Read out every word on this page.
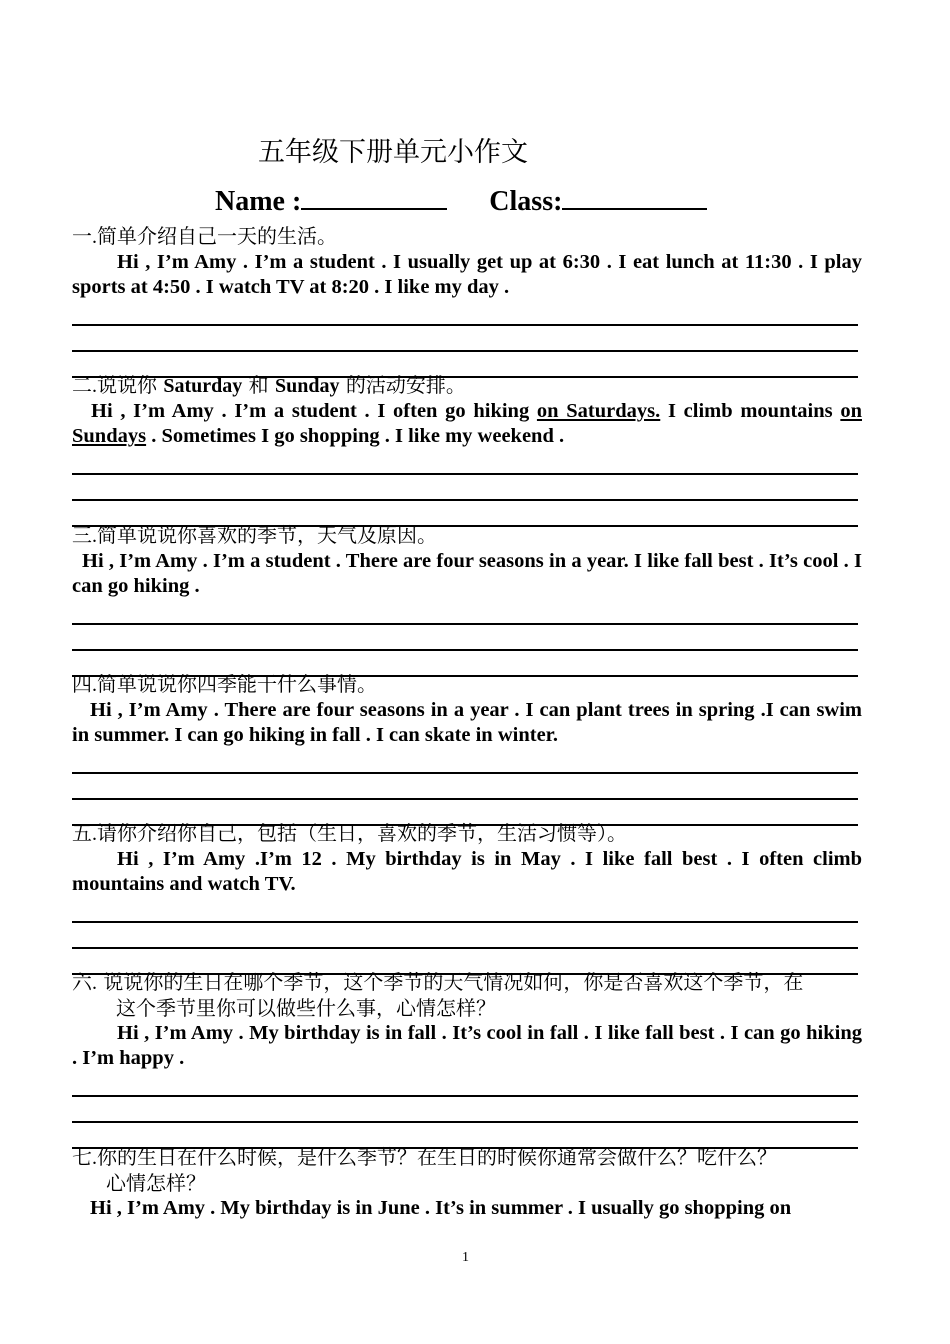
五年级下册单元小作文
Name :	Class:
一.简单介绍自己一天的生活。
Hi , I’m Amy . I’m a student . I usually get up at 6:30 . I eat lunch at 11:30 . I play sports at 4:50 . I watch TV at 8:20 . I like my day .
二.说说你 Saturday 和 Sunday 的活动安排。
Hi , I’m Amy . I’m a student . I often go hiking on Saturdays. I climb mountains on Sundays . Sometimes I go shopping . I like my weekend .
三.简单说说你喜欢的季节，天气及原因。
Hi , I’m Amy . I’m a student . There are four seasons in a year. I like fall best . It’s cool . I can go hiking .
四.简单说说你四季能干什么事情。
Hi , I’m Amy . There are four seasons in a year . I can plant trees in spring .I can swim in summer. I can go hiking in fall . I can skate in winter.
五.请你介绍你自己，包括（生日，喜欢的季节，生活习惯等）。
Hi , I’m Amy .I’m 12 . My birthday is in May . I like fall best . I often climb mountains and watch TV.
六. 说说你的生日在哪个季节，这个季节的天气情况如何，你是否喜欢这个季节，在
这个季节里你可以做些什么事，心情怎样？
Hi , I’m Amy . My birthday is in fall . It’s cool in fall . I like fall best . I can go hiking . I’m happy .
七.你的生日在什么时候，是什么季节？在生日的时候你通常会做什么？吃什么？
心情怎样？
Hi , I’m Amy . My birthday is in June . It’s in summer . I usually go shopping on
1
